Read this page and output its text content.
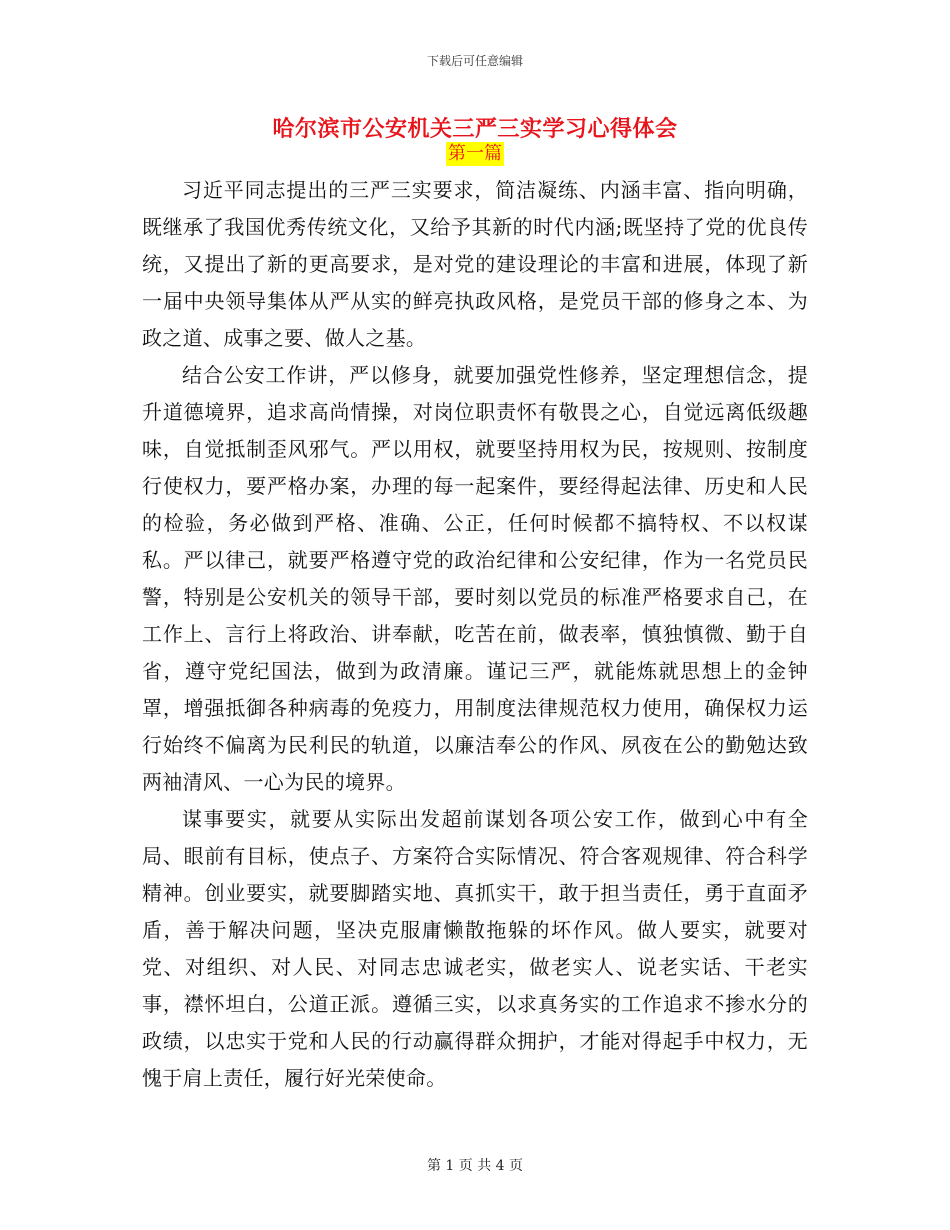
下载后可任意编辑
哈尔滨市公安机关三严三实学习心得体会
第一篇

习近平同志提出的三严三实要求，简洁凝练、内涵丰富、指向明确，既继承了我国优秀传统文化，又给予其新的时代内涵;既坚持了党的优良传统，又提出了新的更高要求，是对党的建设理论的丰富和进展，体现了新一届中央领导集体从严从实的鲜亮执政风格，是党员干部的修身之本、为政之道、成事之要、做人之基。

结合公安工作讲，严以修身，就要加强党性修养，坚定理想信念，提升道德境界，追求高尚情操，对岗位职责怀有敬畏之心，自觉远离低级趣味，自觉抵制歪风邪气。严以用权，就要坚持用权为民，按规则、按制度行使权力，要严格办案，办理的每一起案件，要经得起法律、历史和人民的检验，务必做到严格、准确、公正，任何时候都不搞特权、不以权谋私。严以律己，就要严格遵守党的政治纪律和公安纪律，作为一名党员民警，特别是公安机关的领导干部，要时刻以党员的标准严格要求自己，在工作上、言行上将政治、讲奉献，吃苦在前，做表率，慎独慎微、勤于自省，遵守党纪国法，做到为政清廉。谨记三严，就能炼就思想上的金钟罩，增强抵御各种病毒的免疫力，用制度法律规范权力使用，确保权力运行始终不偏离为民利民的轨道，以廉洁奉公的作风、夙夜在公的勤勉达致两袖清风、一心为民的境界。

谋事要实，就要从实际出发超前谋划各项公安工作，做到心中有全局、眼前有目标，使点子、方案符合实际情况、符合客观规律、符合科学精神。创业要实，就要脚踏实地、真抓实干，敢于担当责任，勇于直面矛盾，善于解决问题，坚决克服庸懒散拖躲的坏作风。做人要实，就要对党、对组织、对人民、对同志忠诚老实，做老实人、说老实话、干老实事，襟怀坦白，公道正派。遵循三实，以求真务实的工作追求不掺水分的政绩，以忠实于党和人民的行动赢得群众拥护，才能对得起手中权力，无愧于肩上责任，履行好光荣使命。

第 1 页 共 4 页
